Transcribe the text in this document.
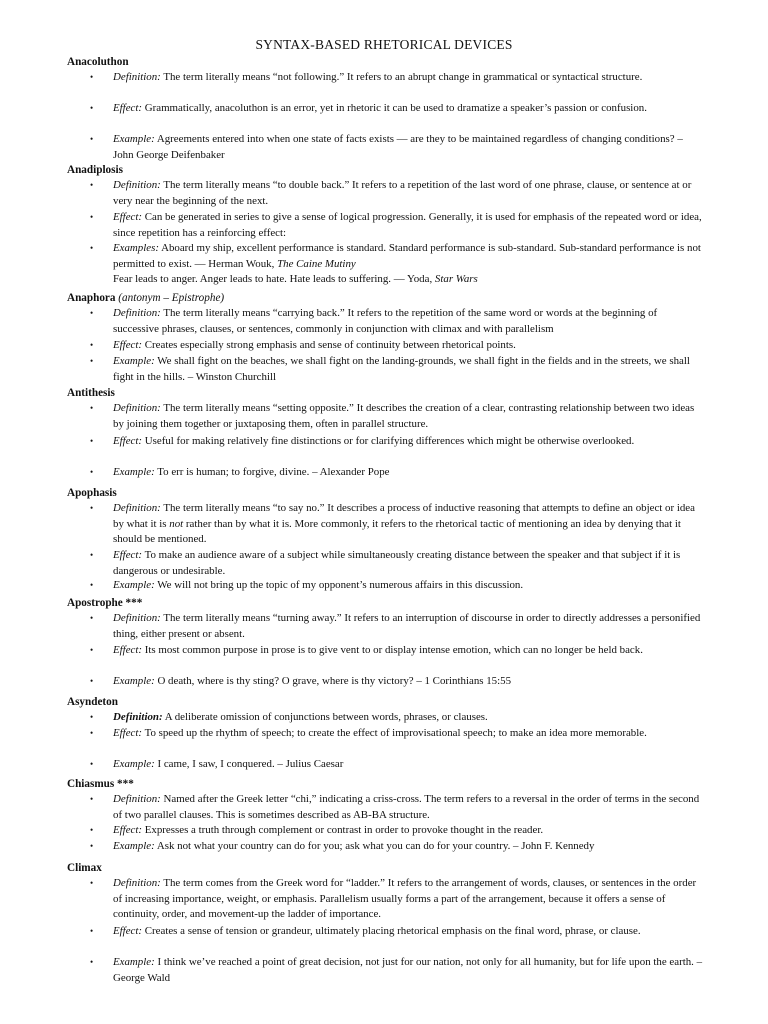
SYNTAX-BASED RHETORICAL DEVICES
Anacoluthon
• Definition: The term literally means “not following.” It refers to an abrupt change in grammatical or syntactical structure.
• Effect: Grammatically, anacoluthon is an error, yet in rhetoric it can be used to dramatize a speaker’s passion or confusion.
• Example: Agreements entered into when one state of facts exists — are they to be maintained regardless of changing conditions? – John George Deifenbaker
Anadiplosis
• Definition: The term literally means “to double back.” It refers to a repetition of the last word of one phrase, clause, or sentence at or very near the beginning of the next.
• Effect: Can be generated in series to give a sense of logical progression. Generally, it is used for emphasis of the repeated word or idea, since repetition has a reinforcing effect:
• Examples: Aboard my ship, excellent performance is standard. Standard performance is sub-standard. Sub-standard performance is not permitted to exist. — Herman Wouk, The Caine Mutiny
Fear leads to anger. Anger leads to hate. Hate leads to suffering. — Yoda, Star Wars
Anaphora (antonym – Epistrophe)
• Definition: The term literally means “carrying back.” It refers to the repetition of the same word or words at the beginning of successive phrases, clauses, or sentences, commonly in conjunction with climax and with parallelism
• Effect: Creates especially strong emphasis and sense of continuity between rhetorical points.
• Example: We shall fight on the beaches, we shall fight on the landing-grounds, we shall fight in the fields and in the streets, we shall fight in the hills. – Winston Churchill
Antithesis
• Definition: The term literally means “setting opposite.” It describes the creation of a clear, contrasting relationship between two ideas by joining them together or juxtaposing them, often in parallel structure.
• Effect: Useful for making relatively fine distinctions or for clarifying differences which might be otherwise overlooked.
• Example: To err is human; to forgive, divine. – Alexander Pope
Apophasis
• Definition: The term literally means “to say no.” It describes a process of inductive reasoning that attempts to define an object or idea by what it is not rather than by what it is. More commonly, it refers to the rhetorical tactic of mentioning an idea by denying that it should be mentioned.
• Effect: To make an audience aware of a subject while simultaneously creating distance between the speaker and that subject if it is dangerous or undesirable.
• Example: We will not bring up the topic of my opponent’s numerous affairs in this discussion.
Apostrophe ***
• Definition: The term literally means “turning away.” It refers to an interruption of discourse in order to directly addresses a personified thing, either present or absent.
• Effect: Its most common purpose in prose is to give vent to or display intense emotion, which can no longer be held back.
• Example: O death, where is thy sting? O grave, where is thy victory? – 1 Corinthians 15:55
Asyndeton
• Definition: A deliberate omission of conjunctions between words, phrases, or clauses.
• Effect: To speed up the rhythm of speech; to create the effect of improvisational speech; to make an idea more memorable.
• Example: I came, I saw, I conquered. – Julius Caesar
Chiasmus ***
• Definition: Named after the Greek letter “chi,” indicating a criss-cross. The term refers to a reversal in the order of terms in the second of two parallel clauses. This is sometimes described as AB-BA structure.
• Effect: Expresses a truth through complement or contrast in order to provoke thought in the reader.
• Example: Ask not what your country can do for you; ask what you can do for your country. – John F. Kennedy
Climax
• Definition: The term comes from the Greek word for “ladder.” It refers to the arrangement of words, clauses, or sentences in the order of increasing importance, weight, or emphasis. Parallelism usually forms a part of the arrangement, because it offers a sense of continuity, order, and movement-up the ladder of importance.
• Effect: Creates a sense of tension or grandeur, ultimately placing rhetorical emphasis on the final word, phrase, or clause.
• Example: I think we’ve reached a point of great decision, not just for our nation, not only for all humanity, but for life upon the earth. – George Wald
